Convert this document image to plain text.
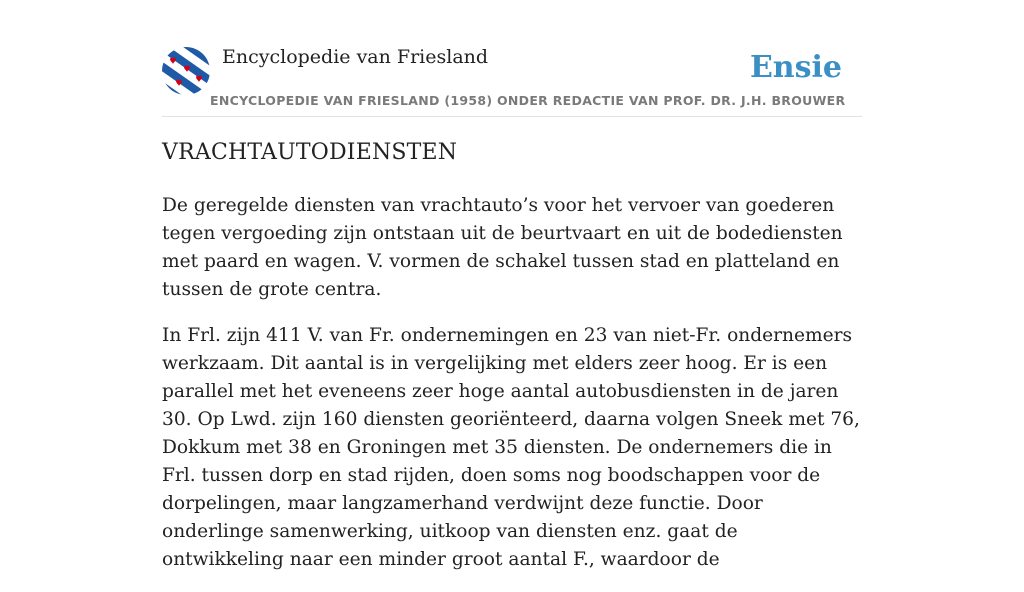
Encyclopedie van Friesland
ENCYCLOPEDIE VAN FRIESLAND (1958) ONDER REDACTIE VAN PROF. DR. J.H. BROUWER
Ensie
VRACHTAUTODIENSTEN

De geregelde diensten van vrachtauto’s voor het vervoer van goederen tegen vergoeding zijn ontstaan uit de beurtvaart en uit de bodediensten met paard en wagen. V. vormen de schakel tussen stad en platteland en tussen de grote centra.

In Frl. zijn 411 V. van Fr. ondernemingen en 23 van niet-Fr. ondernemers werkzaam. Dit aantal is in vergelijking met elders zeer hoog. Er is een parallel met het eveneens zeer hoge aantal autobusdiensten in de jaren 30. Op Lwd. zijn 160 diensten georiënteerd, daarna volgen Sneek met 76, Dokkum met 38 en Groningen met 35 diensten. De ondernemers die in Frl. tussen dorp en stad rijden, doen soms nog boodschappen voor de dorpelingen, maar langzamerhand verdwijnt deze functie. Door onderlinge samenwerking, uitkoop van diensten enz. gaat de ontwikkeling naar een minder groot aantal F., waardoor de
